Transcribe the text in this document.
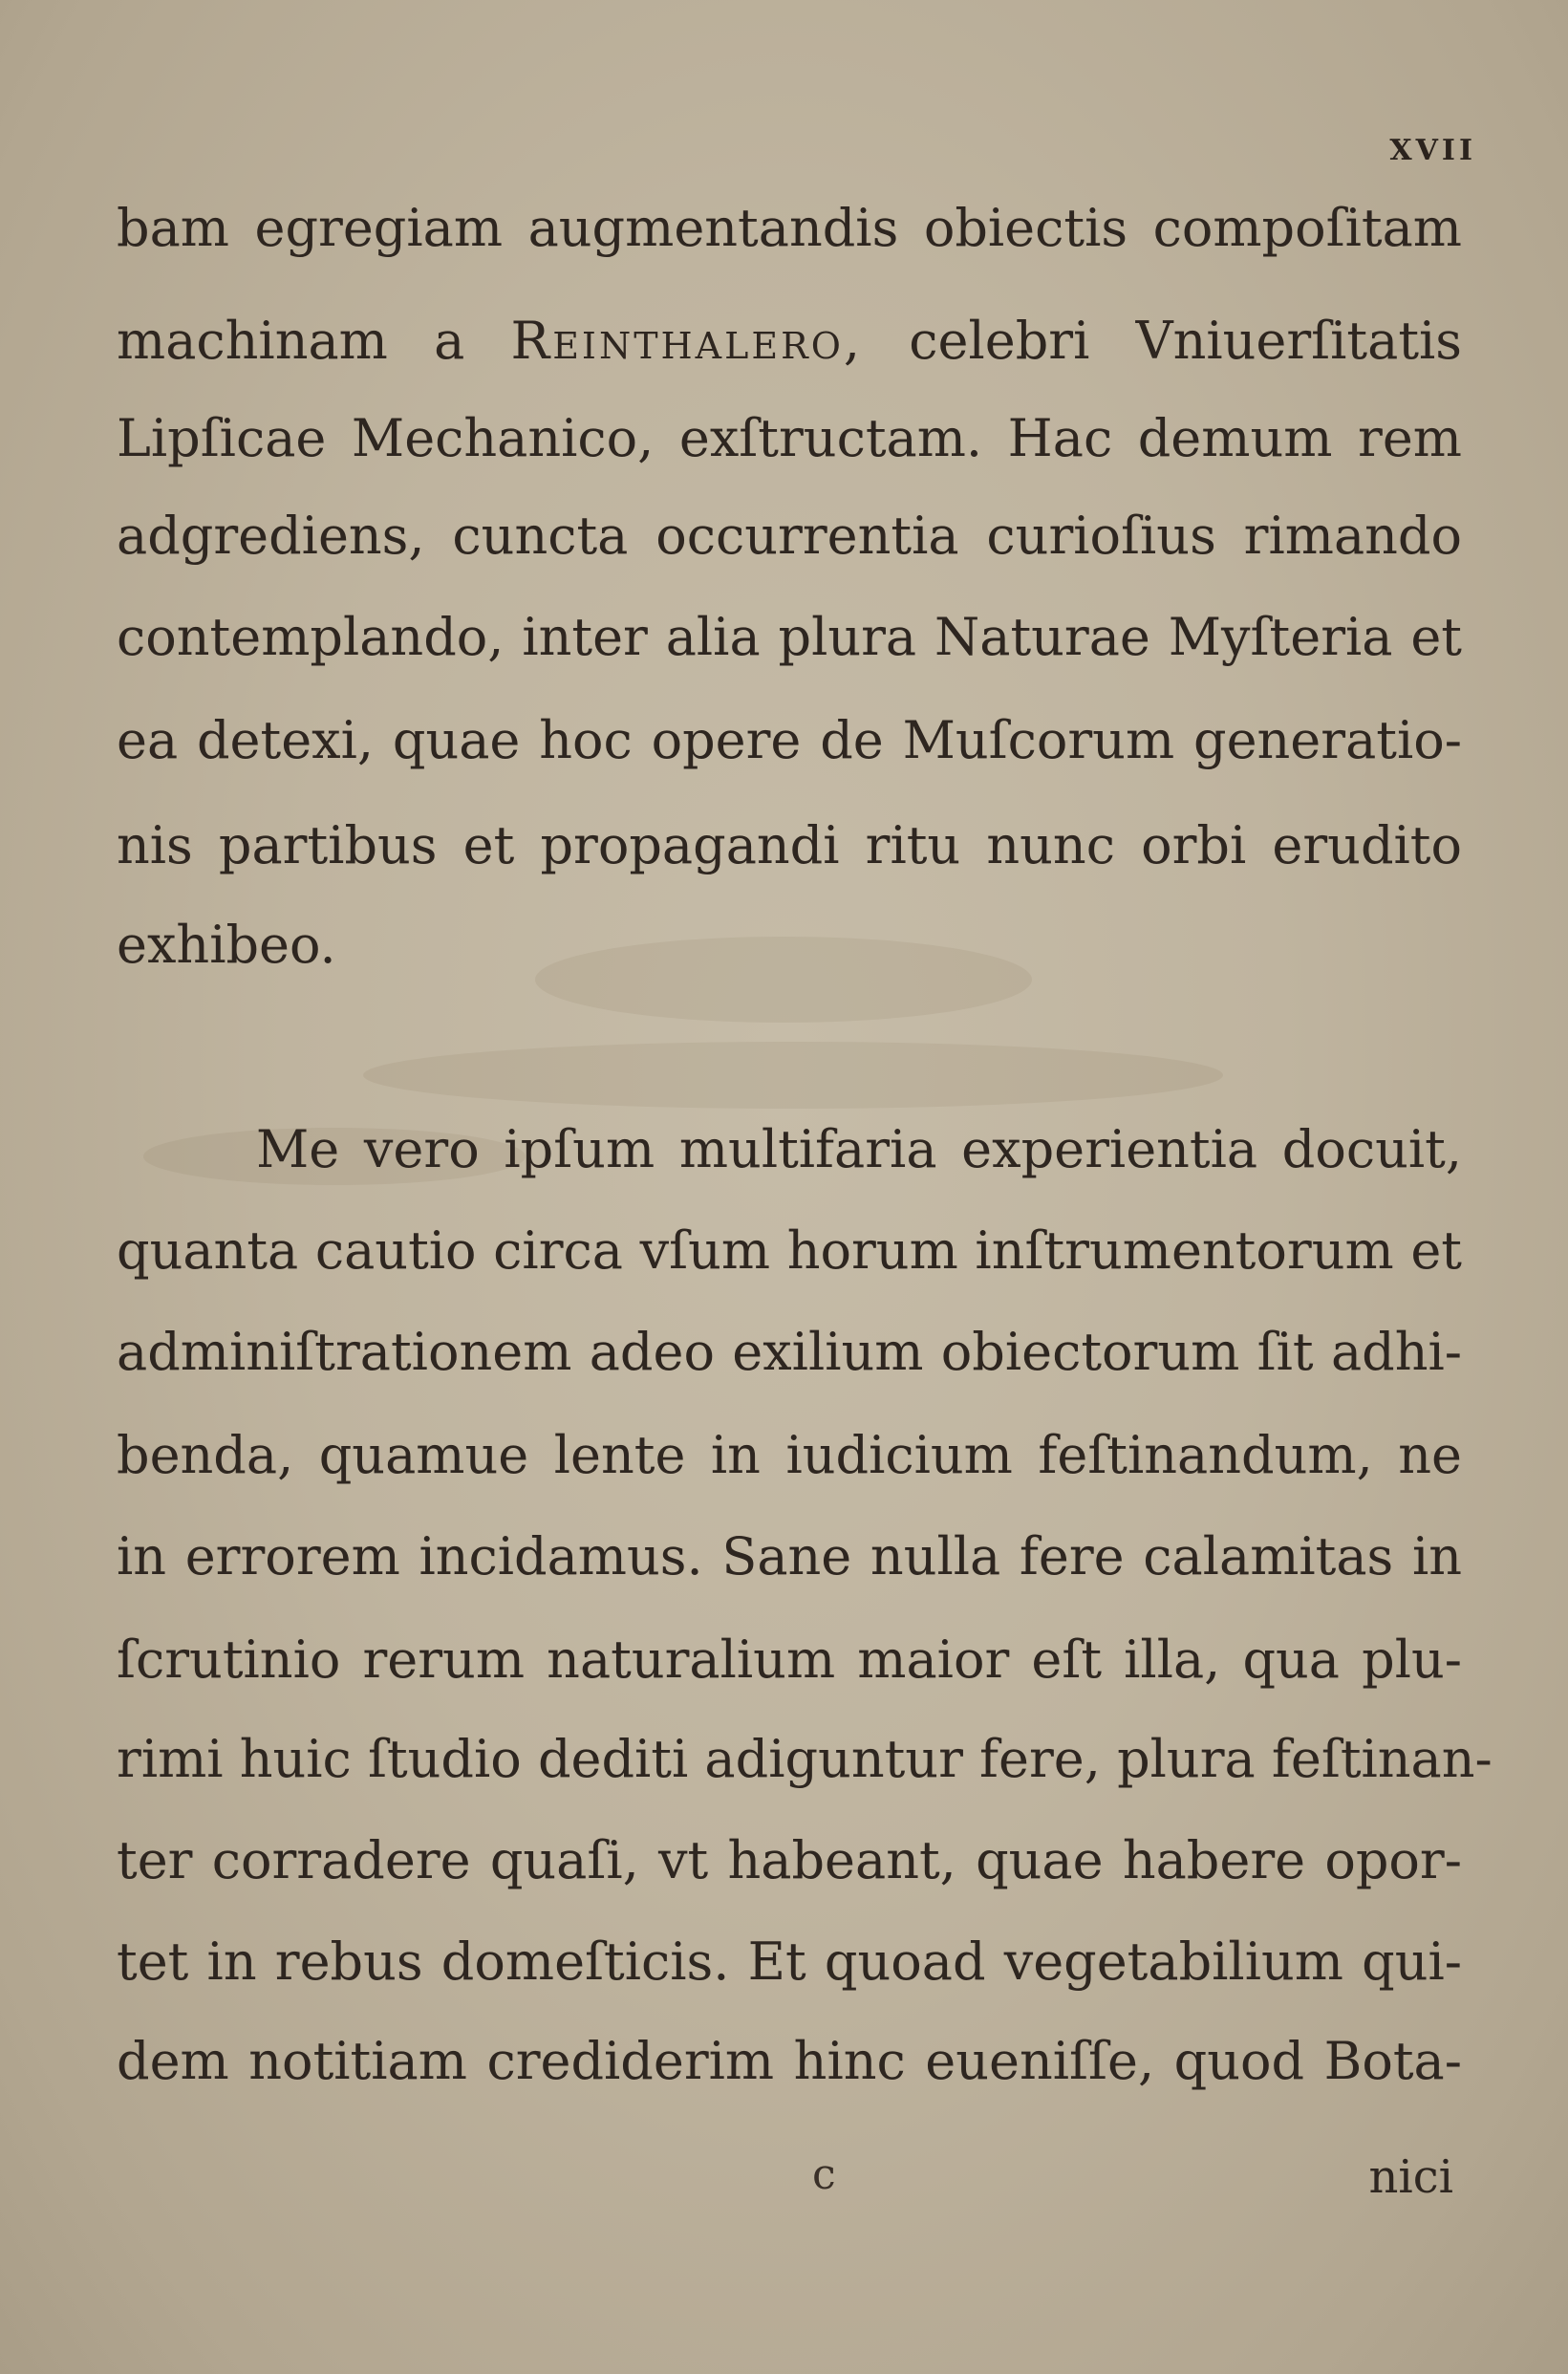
XVII
bam egregiam augmentandis obiectis compoſitam
machinam a Reinthalero, celebri Vniuerſitatis
Lipſicae Mechanico, exſtructam. Hac demum rem
adgrediens, cuncta occurrentia curioſius rimando
contemplando, inter alia plura Naturae Myſteria et
ea detexi, quae hoc opere de Muſcorum generatio-
nis partibus et propagandi ritu nunc orbi erudito
exhibeo.
Me vero ipſum multifaria experientia docuit,
quanta cautio circa vſum horum inſtrumentorum et
adminiſtrationem adeo exilium obiectorum ſit adhi-
benda, quamue lente in iudicium feſtinandum, ne
in errorem incidamus. Sane nulla fere calamitas in
ſcrutinio rerum naturalium maior eſt illa, qua plu-
rimi huic ſtudio dediti adiguntur fere, plura feſtinan-
ter corradere quaſi, vt habeant, quae habere opor-
tet in rebus domeſticis. Et quoad vegetabilium qui-
dem notitiam crediderim hinc eueniſſe, quod Bota-
c	nici
